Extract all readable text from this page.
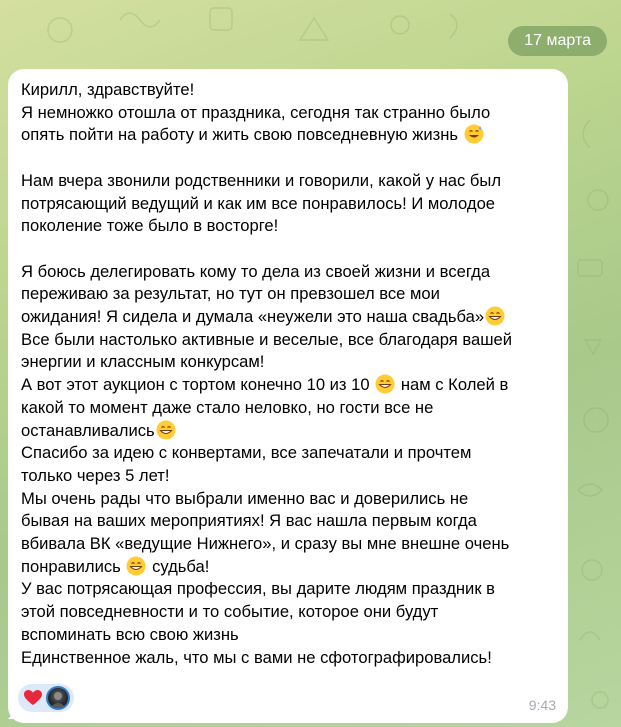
17 марта
Кирилл, здравствуйте!
Я немножко отошла от праздника, сегодня так странно было
опять пойти на работу и жить свою повседневную жизнь

Нам вчера звонили родственники и говорили, какой у нас был
потрясающий ведущий и как им все понравилось! И молодое
поколение тоже было в восторге!

Я боюсь делегировать кому то дела из своей жизни и всегда
переживаю за результат, но тут он превзошел все мои
ожидания! Я сидела и думала «неужели это наша свадьба»
Все были настолько активные и веселые, все благодаря вашей
энергии и классным конкурсам!
А вот этот аукцион с тортом конечно 10 из 10  нам с Колей в
какой то момент даже стало неловко, но гости все не
останавливались
Спасибо за идею с конвертами, все запечатали и прочтем
только через 5 лет!
Мы очень рады что выбрали именно вас и доверились не
бывая на ваших мероприятиях! Я вас нашла первым когда
вбивала ВК «ведущие Нижнего», и сразу вы мне внешне очень
понравились  судьба!
У вас потрясающая профессия, вы дарите людям праздник в
этой повседневности и то событие, которое они будут
вспоминать всю свою жизнь
Единственное жаль, что мы с вами не сфотографировались!
9:43
